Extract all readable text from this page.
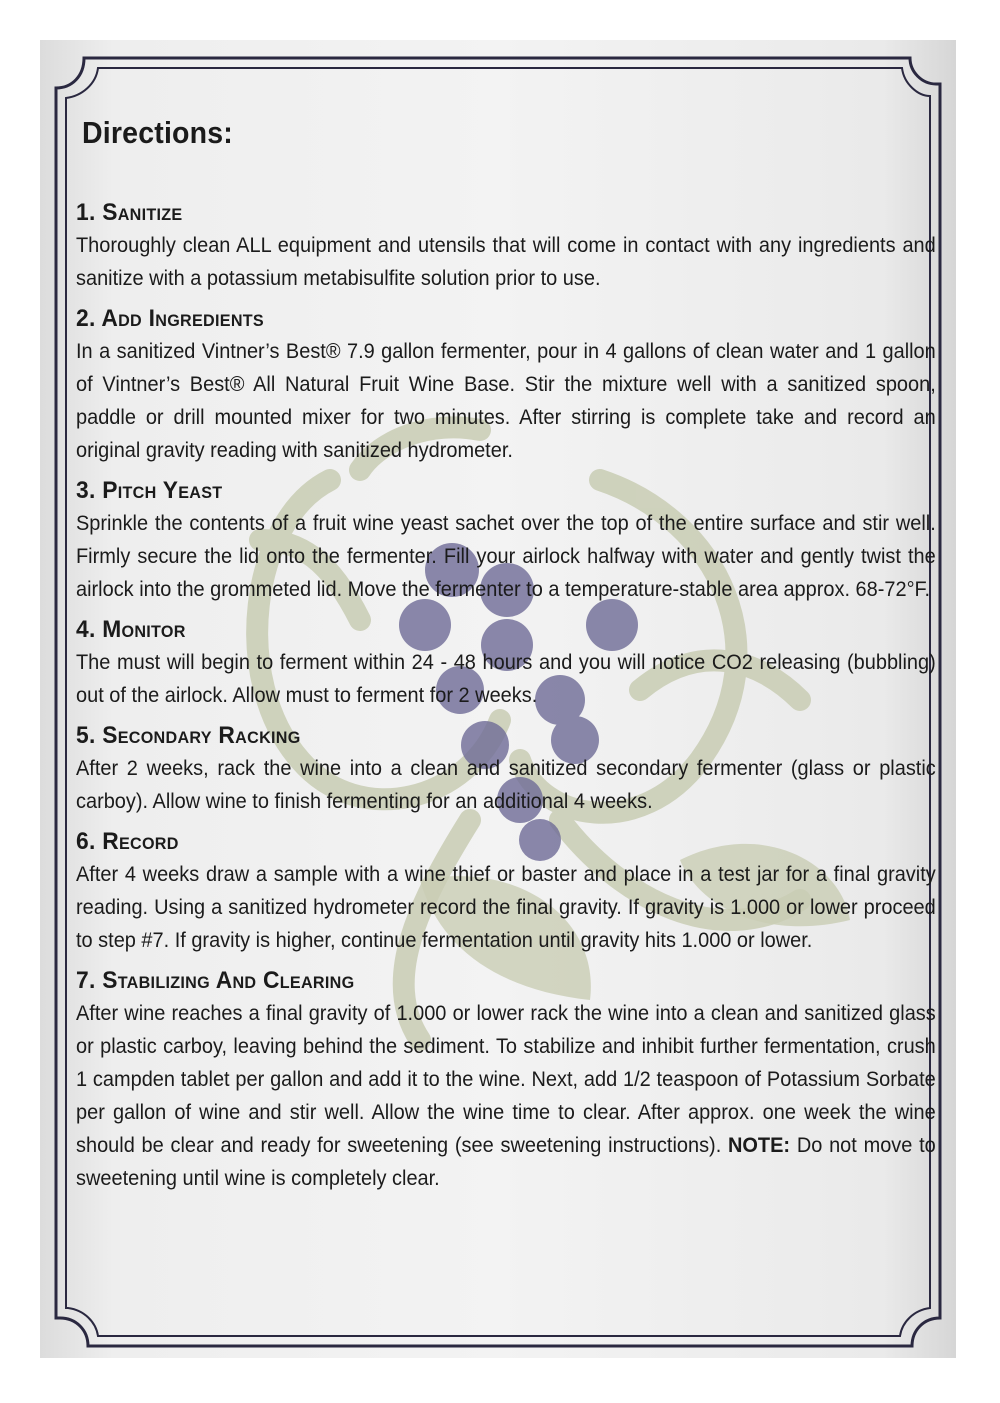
Directions:
1. Sanitize
Thoroughly clean ALL equipment and utensils that will come in contact with any ingredients and sanitize with a potassium metabisulfite solution prior to use.
2. Add Ingredients
In a sanitized Vintner’s Best® 7.9 gallon fermenter, pour in 4 gallons of clean water and 1 gallon of Vintner’s Best® All Natural Fruit Wine Base. Stir the mixture well with a sanitized spoon, paddle or drill mounted mixer for two minutes. After stirring is complete take and record an original gravity reading with sanitized hydrometer.
3. Pitch Yeast
Sprinkle the contents of a fruit wine yeast sachet over the top of the entire surface and stir well. Firmly secure the lid onto the fermenter. Fill your airlock halfway with water and gently twist the airlock into the grommeted lid. Move the fermenter to a temperature-stable area approx. 68-72°F.
4. Monitor
The must will begin to ferment within 24 - 48 hours and you will notice CO2 releasing (bubbling) out of the airlock. Allow must to ferment for 2 weeks.
5. Secondary Racking
After 2 weeks, rack the wine into a clean and sanitized secondary fermenter (glass or plastic carboy). Allow wine to finish fermenting for an additional 4 weeks.
6. Record
After 4 weeks draw a sample with a wine thief or baster and place in a test jar for a final gravity reading. Using a sanitized hydrometer record the final gravity. If gravity is 1.000 or lower proceed to step #7. If gravity is higher, continue fermentation until gravity hits 1.000 or lower.
7. Stabilizing And Clearing
After wine reaches a final gravity of 1.000 or lower rack the wine into a clean and sanitized glass or plastic carboy, leaving behind the sediment. To stabilize and inhibit further fermentation, crush 1 campden tablet per gallon and add it to the wine. Next, add 1/2 teaspoon of Potassium Sorbate per gallon of wine and stir well. Allow the wine time to clear. After approx. one week the wine should be clear and ready for sweetening (see sweetening instructions). NOTE: Do not move to sweetening until wine is completely clear.
